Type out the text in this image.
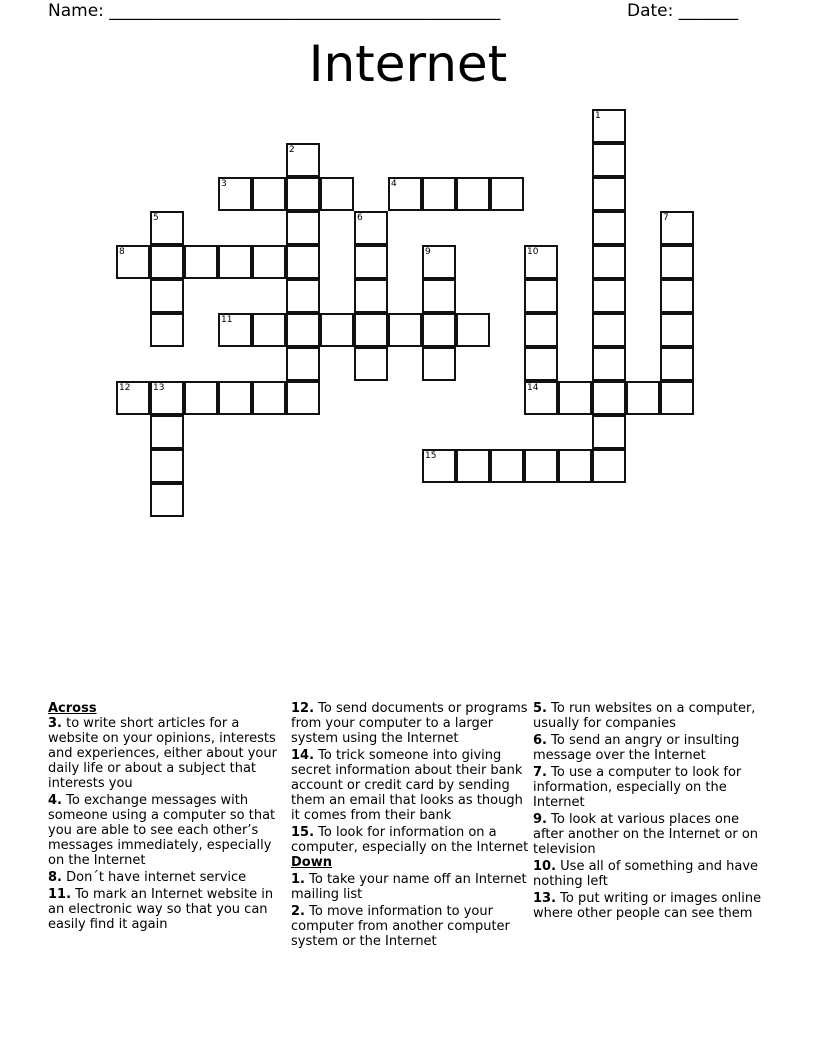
Name: ______________________________________________	Date: _______
Internet
1
2
3	4
5	6	7
8	9	10
14
11
12	13
15
Across
3. to write short articles for a website on your opinions, interests and experiences, either about your daily life or about a subject that interests you
4. To exchange messages with someone using a computer so that you are able to see each other’s messages immediately, especially on the Internet
8. Don´t have internet service
11. To mark an Internet website in an electronic way so that you can easily find it again
12. To send documents or programs from your computer to a larger system using the Internet
14. To trick someone into giving secret information about their bank account or credit card by sending them an email that looks as though it comes from their bank
15. To look for information on a computer, especially on the Internet
Down
1. To take your name off an Internet mailing list
2. To move information to your computer from another computer system or the Internet
5. To run websites on a computer, usually for companies
6. To send an angry or insulting message over the Internet
7. To use a computer to look for information, especially on the Internet
9. To look at various places one after another on the Internet or on television
10. Use all of something and have nothing left
13. To put writing or images online where other people can see them
